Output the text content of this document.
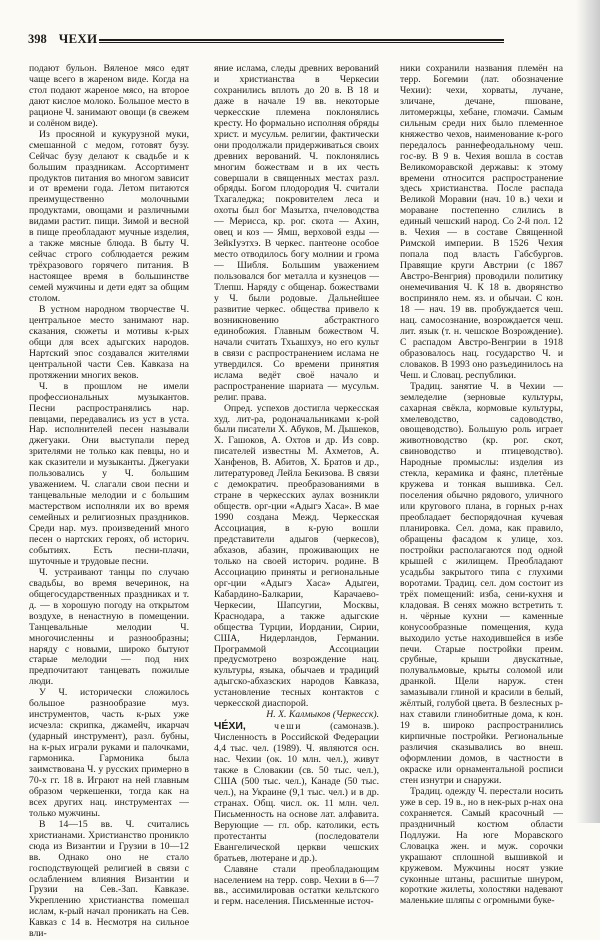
398 ЧЕХИ

подают бульон. Вяленое мясо едят чаще всего в жареном виде. Когда на стол подают жареное мясо, на второе дают кислое молоко. Большое место в рационе Ч. занимают овощи (в свежем и солёном виде).

Из просяной и кукурузной муки, смешанной с медом, готовят бузу. Сейчас бузу делают к свадьбе и к большим праздникам. Ассортимент продуктов питания во многом зависит и от времени года. Летом питаются преимущественно молочными продуктами, овощами и различными видами растит. пищи. Зимой и весной в пище преобладают мучные изделия, а также мясные блюда. В быту Ч. сейчас строго соблюдается режим трёхразового горячего питания. В настоящее время в большинстве семей мужчины и дети едят за общим столом.

В устном народном творчестве Ч. центральное место занимают нар. сказания, сюжеты и мотивы к-рых общи для всех адыгских народов. Нартский эпос создавался жителями центральной части Сев. Кавказа на протяжении многих веков.

Ч. в прошлом не имели профессиональных музыкантов. Песни распространялись нар. певцами, передавались из уст в уста. Нар. исполнителей песен называли джегуаки. Они выступали перед зрителями не только как певцы, но и как сказители и музыканты. Джегуаки пользовались у Ч. большим уважением. Ч. слагали свои песни и танцевальные мелодии и с большим мастерством исполняли их во время семейных и религиозных праздников. Среди нар. муз. произведений много песен о нартских героях, об историч. событиях. Есть песни-плачи, шуточные и трудовые песни.

Ч. устраивают танцы по случаю свадьбы, во время вечеринок, на общегосударственных праздниках и т. д. — в хорошую погоду на открытом воздухе, в ненастную в помещении. Танцевальные мелодии Ч. многочисленны и разнообразны; наряду с новыми, широко бытуют старые мелодии — под них предпочитают танцевать пожилые люди.

У Ч. исторически сложилось большое разнообразие муз. инструментов, часть к-рых уже исчезла: скрипка, джамейч, икарчач (ударный инструмент), разл. бубны, на к-рых играли руками и палочками, гармоника. Гармоника была заимствована Ч. у русских примерно в 70-х гг. 18 в. Играют на ней главным образом черкешенки, тогда как на всех других нац. инструментах — только мужчины.

В 14—15 вв. Ч. считались христианами. Христианство проникло сюда из Византии и Грузии в 10—12 вв. Однако оно не стало господствующей религией в связи с ослаблением влияния Византии и Грузии на Сев.-Зап. Кавказе. Укреплению христианства помешал ислам, к-рый начал проникать на Сев. Кавказ с 14 в. Несмотря на сильное вли-

яние ислама, следы древних верований и христианства в Черкесии сохранились вплоть до 20 в. В 18 и даже в начале 19 вв. некоторые черкесские племена поклонялись кресту. Но формально исполняя обряды христ. и мусульм. религии, фактически они продолжали придерживаться своих древних верований. Ч. поклонялись многим божествам и в их честь совершали в священных местах разл. обряды. Богом плодородия Ч. считали Тхагаледжа; покровителем леса и охоты был бог Мазытха, пчеловодства — Мерисса, кр. рог. скота — Ахин, овец и коз — Ямш, верховой езды — ЗейкIуэтхэ. В черкес. пантеоне особое место отводилось богу молнии и грома — Шибля. Большим уважением пользовался бог металла и кузнецов — Тлепш. Наряду с общенар. божествами у Ч. были родовые. Дальнейшее развитие черкес. общества привело к возникновению абстрактного единобожия. Главным божеством Ч. начали считать Тхьашхуэ, но его культ в связи с распространением ислама не утвердился. Со времени принятия ислама ведёт своё начало и распространение шариата — мусульм. религ. права.

Опред. успехов достигла черкесская худ. лит-ра, родоначальниками к-рой были писатели Х. Абуков, М. Дышеков, Х. Гашоков, А. Охтов и др. Из совр. писателей известны М. Ахметов, А. Ханфенов, В. Абитов, Х. Братов и др., литературовед Лейла Бекизова. В связи с демократич. преобразованиями в стране в черкесских аулах возникли обществ. орг-ции «Адыгэ Хаса». В мае 1990 создана Межд. Черкесская Ассоциация, в к-рую вошли представители адыгов (черкесов), абхазов, абазин, проживающих не только на своей историч. родине. В Ассоциацию приняты и региональные орг-ции «Адыгэ Хаса» Адыгеи, Кабардино-Балкарии, Карачаево-Черкесии, Шапсугии, Москвы, Краснодара, а также адыгские общества Турции, Иордании, Сирии, США, Нидерландов, Германии. Программой Ассоциации предусмотрено возрождение нац. культуры, языка, обычаев и традиций адыгско-абхазских народов Кавказа, установление тесных контактов с черкесской диаспорой.

Н. Х. Калмыков (Черкесск).

ЧЕ́ХИ,	чеши	(самоназв.). Численность в Российской Федерации 4,4 тыс. чел. (1989). Ч. являются осн. нас. Чехии (ок. 10 млн. чел.), живут также в Словакии (св. 50 тыс. чел.), США (500 тыс. чел.), Канаде (50 тыс. чел.), на Украине (9,1 тыс. чел.) и в др. странах. Общ. числ. ок. 11 млн. чел. Письменность на основе лат. алфавита. Верующие — гл. обр. католики, есть протестанты (последователи Евангелической церкви чешских братьев, лютеране и др.).

Славяне стали преобладающим населением на терр. совр. Чехии в 6—7 вв., ассимилировав остатки кельтского и герм. населения. Письменные источ-

ники сохранили названия племён на терр. Богемии (лат. обозначение Чехии): чехи, хорваты, лучане, зличане, дечане, пшоване, литомержцы, хебане, гломачи. Самым сильным среди них было племенное княжество чехов, наименование к-рого передалось раннефеодальному чеш. гос-ву. В 9 в. Чехия вошла в состав Великоморавской державы: к этому времени относится распространение здесь христианства. После распада Великой Моравии (нач. 10 в.) чехи и мораване постепенно слились в единый чешский народ. Со 2-й пол. 12 в. Чехия — в составе Священной Римской империи. В 1526 Чехия попала под власть Габсбургов. Правящие круги Австрии (с 1867 Австро-Венгрия) проводили политику онемечивания Ч. К 18 в. дворянство восприняло нем. яз. и обычаи. С кон. 18 — нач. 19 вв. пробуждается чеш. нац. самосознание, возрождается чеш. лит. язык (т. н. чешское Возрождение). С распадом Австро-Венгрии в 1918 образовалось нац. государство Ч. и словаков. В 1993 оно разъединилось на Чеш. и Словац. республики.

Традиц. занятие Ч. в Чехии — земледелие (зерновые культуры, сахарная свёкла, кормовые культуры, хмелеводство, садоводство, овощеводство). Большую роль играет животноводство (кр. рог. скот, свиноводство и птицеводство). Народные промыслы: изделия из стекла, керамика и фаянс, плетёные кружева и тонкая вышивка. Сел. поселения обычно рядового, уличного или кругового плана, в горных р-нах преобладает беспорядочная кучевая планировка. Сел. дома, как правило, обращены фасадом к улице, хоз. постройки располагаются под одной крышей с жилищем. Преобладают усадьбы закрытого типа с глухими воротами. Традиц. сел. дом состоит из трёх помещений: изба, сени-кухня и кладовая. В сенях можно встретить т. н. чёрные кухни — каменные конусообразные помещения, куда выходило устье находившейся в избе печи. Старые постройки преим. срубные, крыши двускатные, полувальмовые, крыты соломой или дранкой. Щели наруж. стен замазывали глиной и красили в белый, жёлтый, голубой цвета. В безлесных р-нах ставили глинобитные дома, к кон. 19 в. широко распространились кирпичные постройки. Региональные различия сказывались во внеш. оформлении домов, в частности в окраске или орнаментальной росписи стен изнутри и снаружи.

Традиц. одежду Ч. перестали носить уже в сер. 19 в., но в нек-рых р-нах она сохраняется. Самый красочный — праздничный костюм области Подлужи. На юге Моравского Словацка жен. и муж. сорочки украшают сплошной вышивкой и кружевом. Мужчины носят узкие суконные штаны, расшитые шнуром, короткие жилеты, холостяки надевают маленькие шляпы с огромными буке-
